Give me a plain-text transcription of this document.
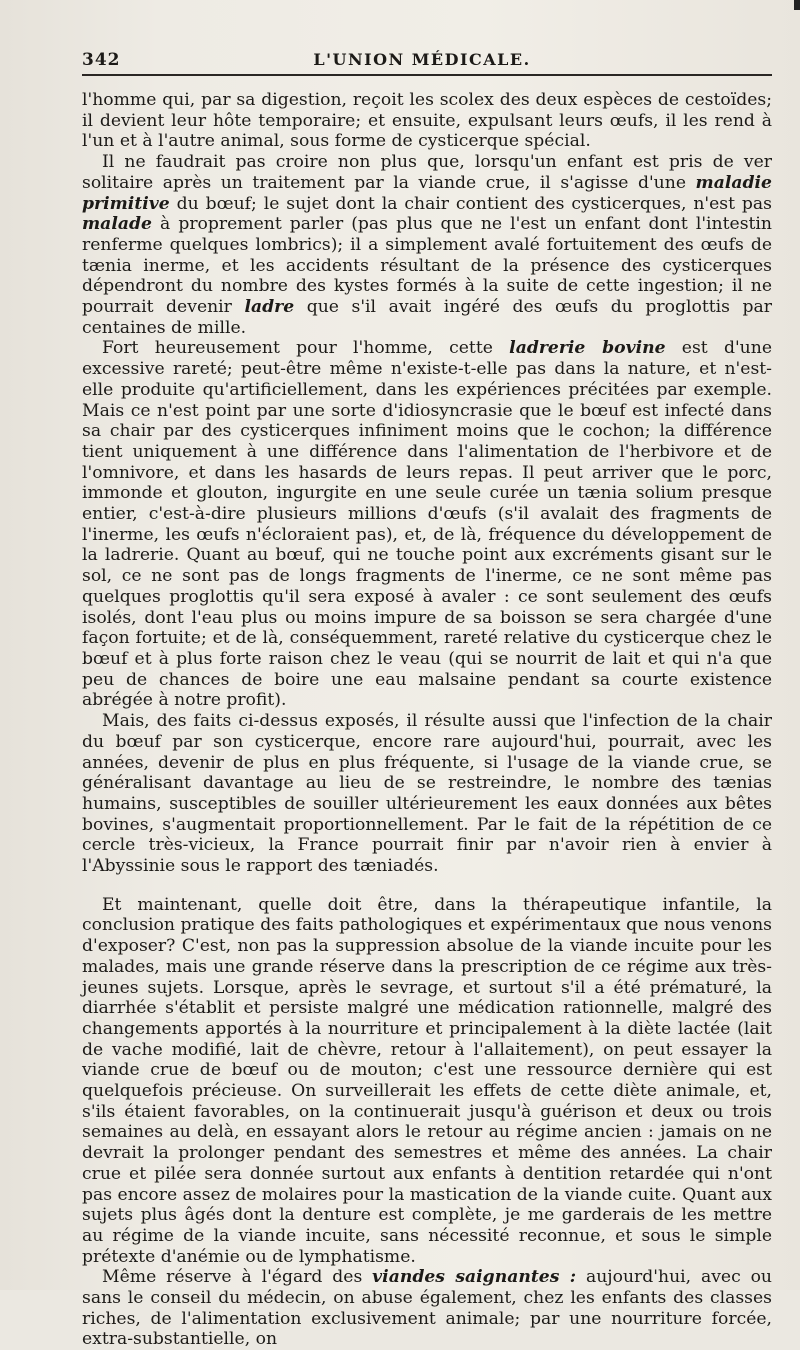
342	L'UNION MÉDICALE.

l'homme qui, par sa digestion, reçoit les scolex des deux espèces de cestoïdes; il devient leur hôte temporaire; et ensuite, expulsant leurs œufs, il les rend à l'un et à l'autre animal, sous forme de cysticerque spécial.

Il ne faudrait pas croire non plus que, lorsqu'un enfant est pris de ver solitaire après un traitement par la viande crue, il s'agisse d'une maladie primitive du bœuf; le sujet dont la chair contient des cysticerques, n'est pas malade à proprement parler (pas plus que ne l'est un enfant dont l'intestin renferme quelques lombrics); il a simplement avalé fortuitement des œufs de tænia inerme, et les accidents résultant de la présence des cysticerques dépendront du nombre des kystes formés à la suite de cette ingestion; il ne pourrait devenir ladre que s'il avait ingéré des œufs du proglottis par centaines de mille.

Fort heureusement pour l'homme, cette ladrerie bovine est d'une excessive rareté; peut-être même n'existe-t-elle pas dans la nature, et n'est-elle produite qu'artificiellement, dans les expériences précitées par exemple. Mais ce n'est point par une sorte d'idiosyncrasie que le bœuf est infecté dans sa chair par des cysticerques infiniment moins que le cochon; la différence tient uniquement à une différence dans l'alimentation de l'herbivore et de l'omnivore, et dans les hasards de leurs repas. Il peut arriver que le porc, immonde et glouton, ingurgite en une seule curée un tænia solium presque entier, c'est-à-dire plusieurs millions d'œufs (s'il avalait des fragments de l'inerme, les œufs n'écloraient pas), et, de là, fréquence du développement de la ladrerie. Quant au bœuf, qui ne touche point aux excréments gisant sur le sol, ce ne sont pas de longs fragments de l'inerme, ce ne sont même pas quelques proglottis qu'il sera exposé à avaler : ce sont seulement des œufs isolés, dont l'eau plus ou moins impure de sa boisson se sera chargée d'une façon fortuite; et de là, conséquemment, rareté relative du cysticerque chez le bœuf et à plus forte raison chez le veau (qui se nourrit de lait et qui n'a que peu de chances de boire une eau malsaine pendant sa courte existence abrégée à notre profit).

Mais, des faits ci-dessus exposés, il résulte aussi que l'infection de la chair du bœuf par son cysticerque, encore rare aujourd'hui, pourrait, avec les années, devenir de plus en plus fréquente, si l'usage de la viande crue, se généralisant davantage au lieu de se restreindre, le nombre des tænias humains, susceptibles de souiller ultérieurement les eaux données aux bêtes bovines, s'augmentait proportionnellement. Par le fait de la répétition de ce cercle très-vicieux, la France pourrait finir par n'avoir rien à envier à l'Abyssinie sous le rapport des tæniadés.

Et maintenant, quelle doit être, dans la thérapeutique infantile, la conclusion pratique des faits pathologiques et expérimentaux que nous venons d'exposer? C'est, non pas la suppression absolue de la viande incuite pour les malades, mais une grande réserve dans la prescription de ce régime aux très-jeunes sujets. Lorsque, après le sevrage, et surtout s'il a été prématuré, la diarrhée s'établit et persiste malgré une médication rationnelle, malgré des changements apportés à la nourriture et principalement à la diète lactée (lait de vache modifié, lait de chèvre, retour à l'allaitement), on peut essayer la viande crue de bœuf ou de mouton; c'est une ressource dernière qui est quelquefois précieuse. On surveillerait les effets de cette diète animale, et, s'ils étaient favorables, on la continuerait jusqu'à guérison et deux ou trois semaines au delà, en essayant alors le retour au régime ancien : jamais on ne devrait la prolonger pendant des semestres et même des années. La chair crue et pilée sera donnée surtout aux enfants à dentition retardée qui n'ont pas encore assez de molaires pour la mastication de la viande cuite. Quant aux sujets plus âgés dont la denture est complète, je me garderais de les mettre au régime de la viande incuite, sans nécessité reconnue, et sous le simple prétexte d'anémie ou de lymphatisme.

Même réserve à l'égard des viandes saignantes : aujourd'hui, avec ou sans le conseil du médecin, on abuse également, chez les enfants des classes riches, de l'alimentation exclusivement animale; par une nourriture forcée, extra-substantielle, on
